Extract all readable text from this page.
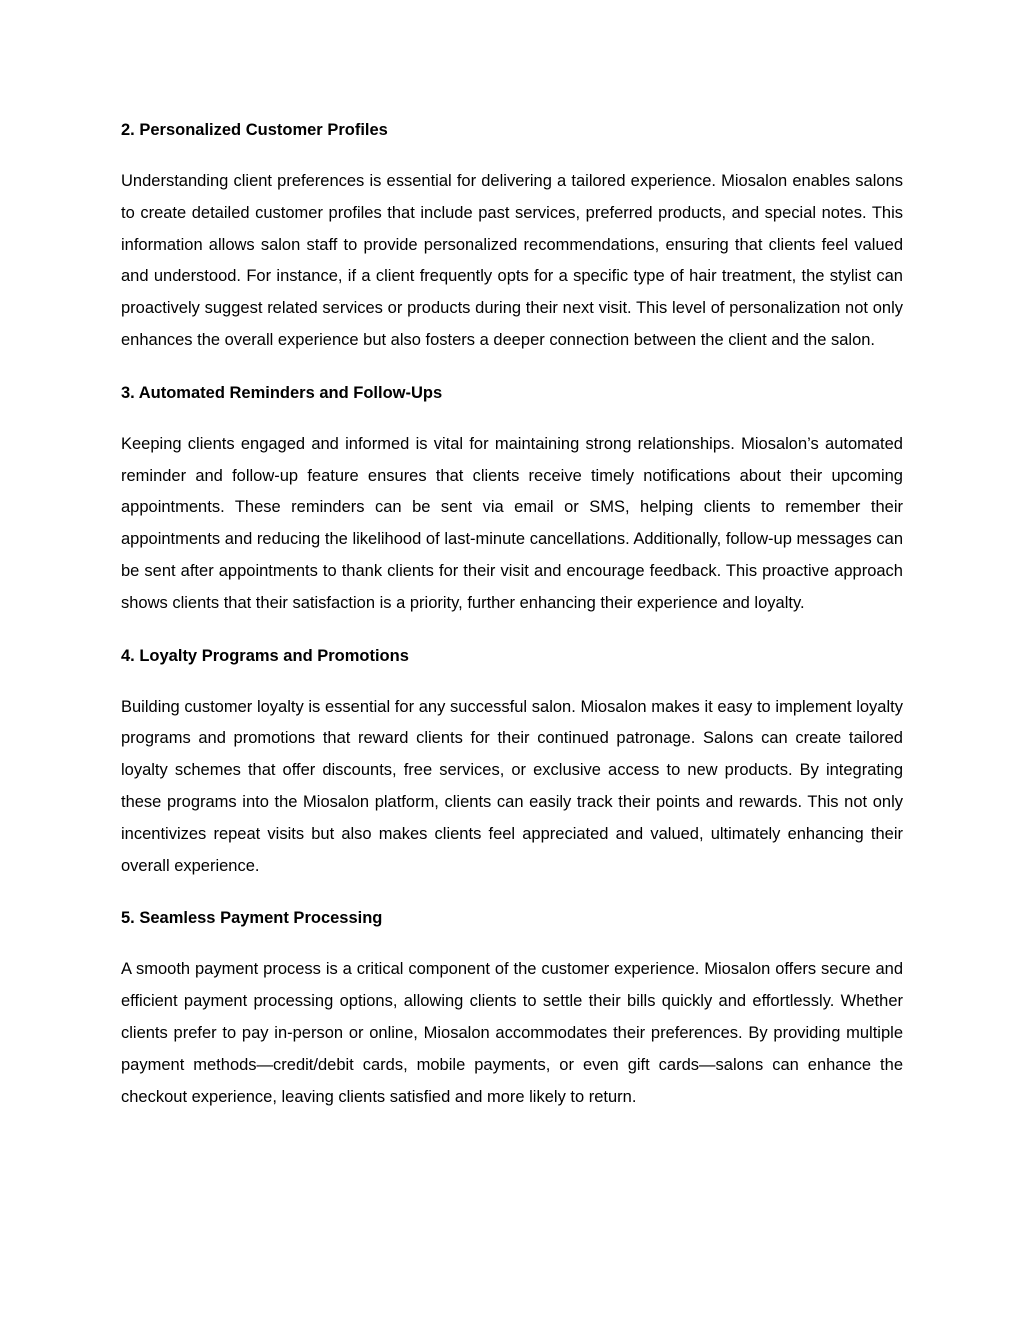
2. Personalized Customer Profiles
Understanding client preferences is essential for delivering a tailored experience. Miosalon enables salons to create detailed customer profiles that include past services, preferred products, and special notes. This information allows salon staff to provide personalized recommendations, ensuring that clients feel valued and understood. For instance, if a client frequently opts for a specific type of hair treatment, the stylist can proactively suggest related services or products during their next visit. This level of personalization not only enhances the overall experience but also fosters a deeper connection between the client and the salon.
3. Automated Reminders and Follow-Ups
Keeping clients engaged and informed is vital for maintaining strong relationships. Miosalon’s automated reminder and follow-up feature ensures that clients receive timely notifications about their upcoming appointments. These reminders can be sent via email or SMS, helping clients to remember their appointments and reducing the likelihood of last-minute cancellations. Additionally, follow-up messages can be sent after appointments to thank clients for their visit and encourage feedback. This proactive approach shows clients that their satisfaction is a priority, further enhancing their experience and loyalty.
4. Loyalty Programs and Promotions
Building customer loyalty is essential for any successful salon. Miosalon makes it easy to implement loyalty programs and promotions that reward clients for their continued patronage. Salons can create tailored loyalty schemes that offer discounts, free services, or exclusive access to new products. By integrating these programs into the Miosalon platform, clients can easily track their points and rewards. This not only incentivizes repeat visits but also makes clients feel appreciated and valued, ultimately enhancing their overall experience.
5. Seamless Payment Processing
A smooth payment process is a critical component of the customer experience. Miosalon offers secure and efficient payment processing options, allowing clients to settle their bills quickly and effortlessly. Whether clients prefer to pay in-person or online, Miosalon accommodates their preferences. By providing multiple payment methods—credit/debit cards, mobile payments, or even gift cards—salons can enhance the checkout experience, leaving clients satisfied and more likely to return.
